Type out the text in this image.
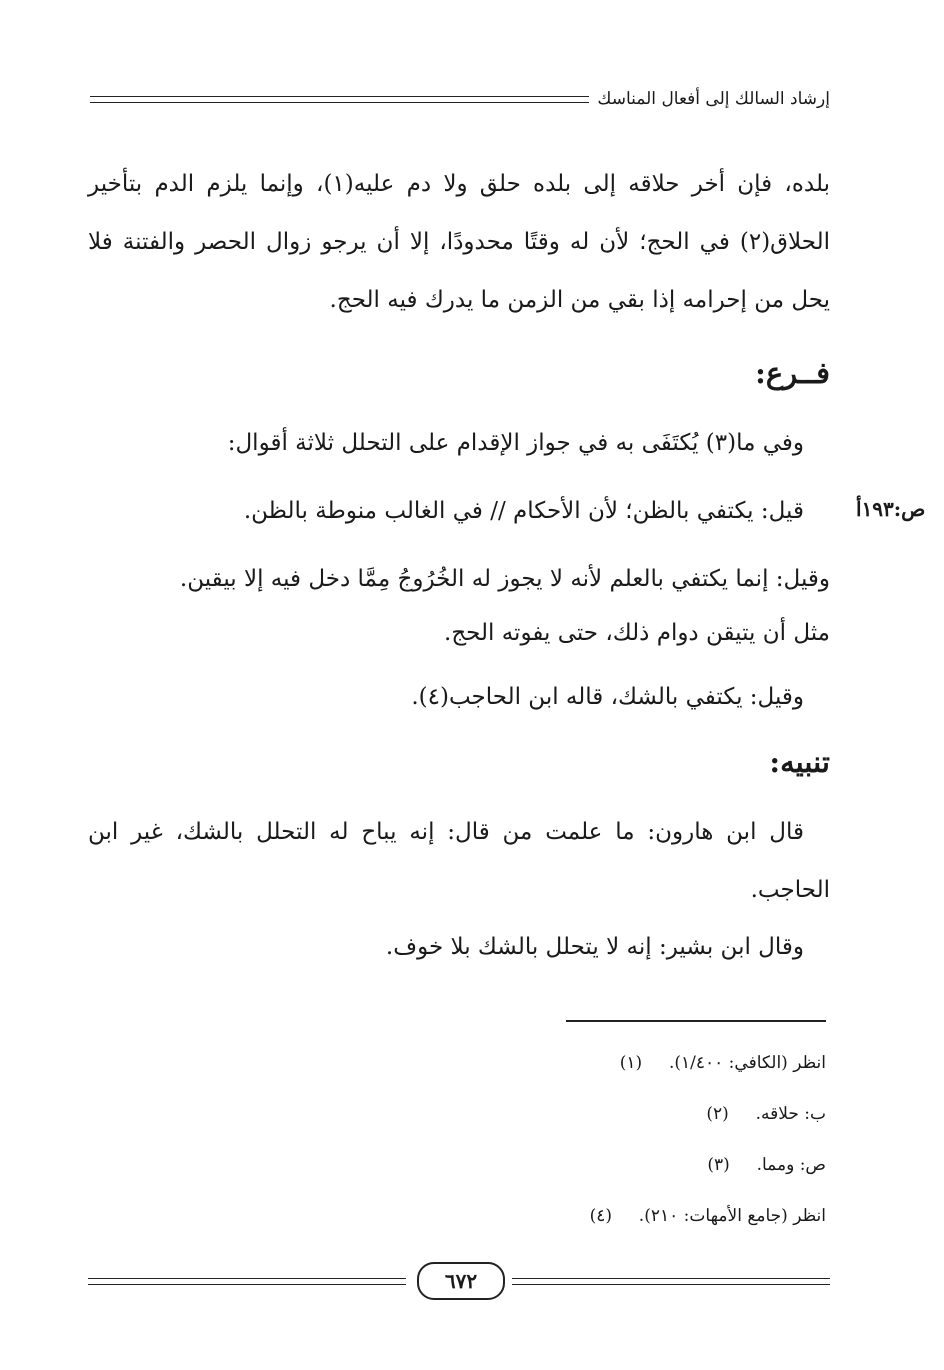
إرشاد السالك إلى أفعال المناسك

بلده، فإن أخر حلاقه إلى بلده حلق ولا دم عليه(١)، وإنما يلزم الدم بتأخير الحلاق(٢) في الحج؛ لأن له وقتًا محدودًا، إلا أن يرجو زوال الحصر والفتنة فلا يحل من إحرامه إذا بقي من الزمن ما يدرك فيه الحج.

فــرع:

وفي ما(٣) يُكتَفَى به في جواز الإقدام على التحلل ثلاثة أقوال:

قيل: يكتفي بالظن؛ لأن الأحكام // في الغالب منوطة بالظن.	ص:١٩٣أ

وقيل: إنما يكتفي بالعلم لأنه لا يجوز له الخُرُوجُ مِمَّا دخل فيه إلا بيقين.

مثل أن يتيقن دوام ذلك، حتى يفوته الحج.

وقيل: يكتفي بالشك، قاله ابن الحاجب(٤).

تنبيه:

قال ابن هارون: ما علمت من قال: إنه يباح له التحلل بالشك، غير ابن الحاجب.

وقال ابن بشير: إنه لا يتحلل بالشك بلا خوف.

(١)	انظر (الكافي: ١/٤٠٠).
(٢)	ب: حلاقه.
(٣)	ص: ومما.
(٤)	انظر (جامع الأمهات: ٢١٠).
٦٧٢
